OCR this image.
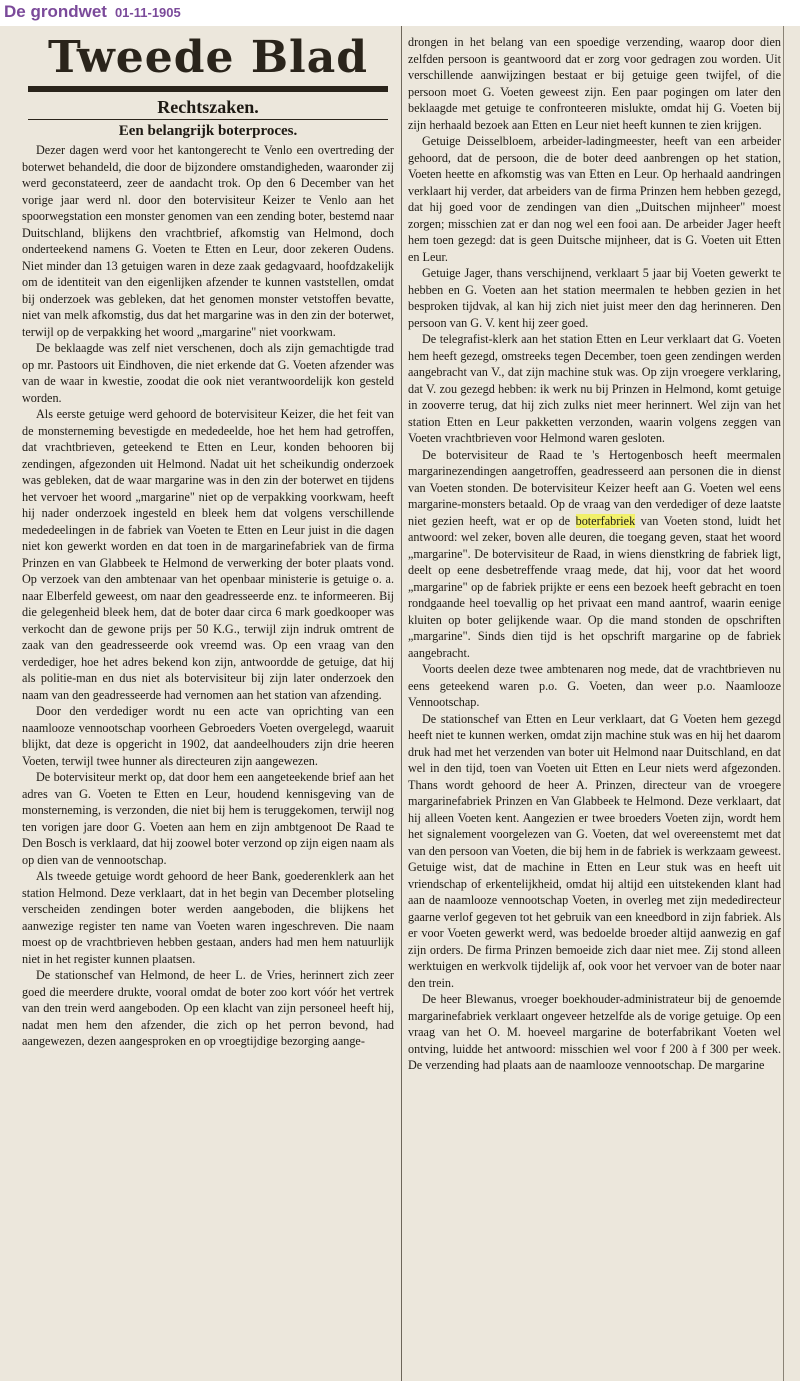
De grondwet 01-11-1905
Tweede Blad
Rechtszaken.
Een belangrijk boterproces.

Dezer dagen werd voor het kantongerecht te Venlo een overtreding der boterwet behandeld, die door de bijzondere omstandigheden, waaronder zij werd geconstateerd, zeer de aandacht trok. Op den 6 December van het vorige jaar werd nl. door den botervisiteur Keizer te Venlo aan het spoorwegstation een monster genomen van een zending boter, bestemd naar Duitschland, blijkens den vrachtbrief, afkomstig van Helmond, doch onderteekend namens G. Voeten te Etten en Leur, door zekeren Oudens. Niet minder dan 13 getuigen waren in deze zaak gedagvaard, hoofdzakelijk om de identiteit van den eigenlijken afzender te kunnen vaststellen, omdat bij onderzoek was gebleken, dat het genomen monster vetstoffen bevatte, niet van melk afkomstig, dus dat het margarine was in den zin der boterwet, terwijl op de verpakking het woord „margarine" niet voorkwam.

De beklaagde was zelf niet verschenen, doch als zijn gemachtigde trad op mr. Pastoors uit Eindhoven, die niet erkende dat G. Voeten afzender was van de waar in kwestie, zoodat die ook niet verantwoordelijk kon gesteld worden.

Als eerste getuige werd gehoord de botervisiteur Keizer, die het feit van de monsterneming bevestigde en mededeelde, hoe het hem had getroffen, dat vrachtbrieven, geteekend te Etten en Leur, konden behooren bij zendingen, afgezonden uit Helmond. Nadat uit het scheikundig onderzoek was gebleken, dat de waar margarine was in den zin der boterwet en tijdens het vervoer het woord „margarine" niet op de verpakking voorkwam, heeft hij nader onderzoek ingesteld en bleek hem dat volgens verschillende mededeelingen in de fabriek van Voeten te Etten en Leur juist in die dagen niet kon gewerkt worden en dat toen in de margarinefabriek van de firma Prinzen en van Glabbeek te Helmond de verwerking der boter plaats vond. Op verzoek van den ambtenaar van het openbaar ministerie is getuige o. a. naar Elberfeld geweest, om naar den geadresseerde enz. te informeeren. Bij die gelegenheid bleek hem, dat de boter daar circa 6 mark goedkooper was verkocht dan de gewone prijs per 50 K.G., terwijl zijn indruk omtrent de zaak van den geadresseerde ook vreemd was. Op een vraag van den verdediger, hoe het adres bekend kon zijn, antwoordde de getuige, dat hij als politie-man en dus niet als botervisiteur bij zijn later onderzoek den naam van den geadresseerde had vernomen aan het station van afzending.

Door den verdediger wordt nu een acte van oprichting van een naamlooze vennootschap voorheen Gebroeders Voeten overgelegd, waaruit blijkt, dat deze is opgericht in 1902, dat aandeelhouders zijn drie heeren Voeten, terwijl twee hunner als directeuren zijn aangewezen.

De botervisiteur merkt op, dat door hem een aangeteekende brief aan het adres van G. Voeten te Etten en Leur, houdend kennisgeving van de monsterneming, is verzonden, die niet bij hem is teruggekomen, terwijl nog ten vorigen jare door G. Voeten aan hem en zijn ambtgenoot De Raad te Den Bosch is verklaard, dat hij zoowel boter verzond op zijn eigen naam als op dien van de vennootschap.

Als tweede getuige wordt gehoord de heer Bank, goederenklerk aan het station Helmond. Deze verklaart, dat in het begin van December plotseling verscheiden zendingen boter werden aangeboden, die blijkens het aanwezige register ten name van Voeten waren ingeschreven. Die naam moest op de vrachtbrieven hebben gestaan, anders had men hem natuurlijk niet in het register kunnen plaatsen.

De stationschef van Helmond, de heer L. de Vries, herinnert zich zeer goed die meerdere drukte, vooral omdat de boter zoo kort vóór het vertrek van den trein werd aangeboden. Op een klacht van zijn personeel heeft hij, nadat men hem den afzender, die zich op het perron bevond, had aangewezen, dezen aangesproken en op vroegtijdige bezorging aange-

drongen in het belang van een spoedige verzending, waarop door dien zelfden persoon is geantwoord dat er zorg voor gedragen zou worden. Uit verschillende aanwijzingen bestaat er bij getuige geen twijfel, of die persoon moet G. Voeten geweest zijn. Een paar pogingen om later den beklaagde met getuige te confronteeren mislukte, omdat hij G. Voeten bij zijn herhaald bezoek aan Etten en Leur niet heeft kunnen te zien krijgen.

Getuige Deisselbloem, arbeider-ladingmeester, heeft van een arbeider gehoord, dat de persoon, die de boter deed aanbrengen op het station, Voeten heette en afkomstig was van Etten en Leur. Op herhaald aandringen verklaart hij verder, dat arbeiders van de firma Prinzen hem hebben gezegd, dat hij goed voor de zendingen van dien „Duitschen mijnheer" moest zorgen; misschien zat er dan nog wel een fooi aan. De arbeider Jager heeft hem toen gezegd: dat is geen Duitsche mijnheer, dat is G. Voeten uit Etten en Leur.

Getuige Jager, thans verschijnend, verklaart 5 jaar bij Voeten gewerkt te hebben en G. Voeten aan het station meermalen te hebben gezien in het besproken tijdvak, al kan hij zich niet juist meer den dag herinneren. Den persoon van G. V. kent hij zeer goed.

De telegrafist-klerk aan het station Etten en Leur verklaart dat G. Voeten hem heeft gezegd, omstreeks tegen December, toen geen zendingen werden aangebracht van V., dat zijn machine stuk was. Op zijn vroegere verklaring, dat V. zou gezegd hebben: ik werk nu bij Prinzen in Helmond, komt getuige in zooverre terug, dat hij zich zulks niet meer herinnert. Wel zijn van het station Etten en Leur pakketten verzonden, waarin volgens zeggen van Voeten vrachtbrieven voor Helmond waren gesloten.

De botervisiteur de Raad te 's Hertogenbosch heeft meermalen margarinezendingen aangetroffen, geadresseerd aan personen die in dienst van Voeten stonden. De botervisiteur Keizer heeft aan G. Voeten wel eens margarine-monsters betaald. Op de vraag van den verdediger of deze laatste niet gezien heeft, wat er op de boterfabriek van Voeten stond, luidt het antwoord: wel zeker, boven alle deuren, die toegang geven, staat het woord „margarine". De botervisiteur de Raad, in wiens dienstkring de fabriek ligt, deelt op eene desbetreffende vraag mede, dat hij, voor dat het woord „margarine" op de fabriek prijkte er eens een bezoek heeft gebracht en toen rondgaande heel toevallig op het privaat een mand aantrof, waarin eenige kluiten op boter gelijkende waar. Op die mand stonden de opschriften „margarine". Sinds dien tijd is het opschrift margarine op de fabriek aangebracht.

Voorts deelen deze twee ambtenaren nog mede, dat de vrachtbrieven nu eens geteekend waren p.o. G. Voeten, dan weer p.o. Naamlooze Vennootschap.

De stationschef van Etten en Leur verklaart, dat G Voeten hem gezegd heeft niet te kunnen werken, omdat zijn machine stuk was en hij het daarom druk had met het verzenden van boter uit Helmond naar Duitschland, en dat wel in den tijd, toen van Voeten uit Etten en Leur niets werd afgezonden. Thans wordt gehoord de heer A. Prinzen, directeur van de vroegere margarinefabriek Prinzen en Van Glabbeek te Helmond. Deze verklaart, dat hij alleen Voeten kent. Aangezien er twee broeders Voeten zijn, wordt hem het signalement voorgelezen van G. Voeten, dat wel overeenstemt met dat van den persoon van Voeten, die bij hem in de fabriek is werkzaam geweest. Getuige wist, dat de machine in Etten en Leur stuk was en heeft uit vriendschap of erkentelijkheid, omdat hij altijd een uitstekenden klant had aan de naamlooze vennootschap Voeten, in overleg met zijn mededirecteur gaarne verlof gegeven tot het gebruik van een kneedbord in zijn fabriek. Als er voor Voeten gewerkt werd, was bedoelde broeder altijd aanwezig en gaf zijn orders. De firma Prinzen bemoeide zich daar niet mee. Zij stond alleen werktuigen en werkvolk tijdelijk af, ook voor het vervoer van de boter naar den trein.

De heer Blewanus, vroeger boekhouder-administrateur bij de genoemde margarinefabriek verklaart ongeveer hetzelfde als de vorige getuige. Op een vraag van het O. M. hoeveel margarine de boterfabrikant Voeten wel ontving, luidde het antwoord: misschien wel voor f 200 à f 300 per week. De verzending had plaats aan de naamlooze vennootschap. De margarine
